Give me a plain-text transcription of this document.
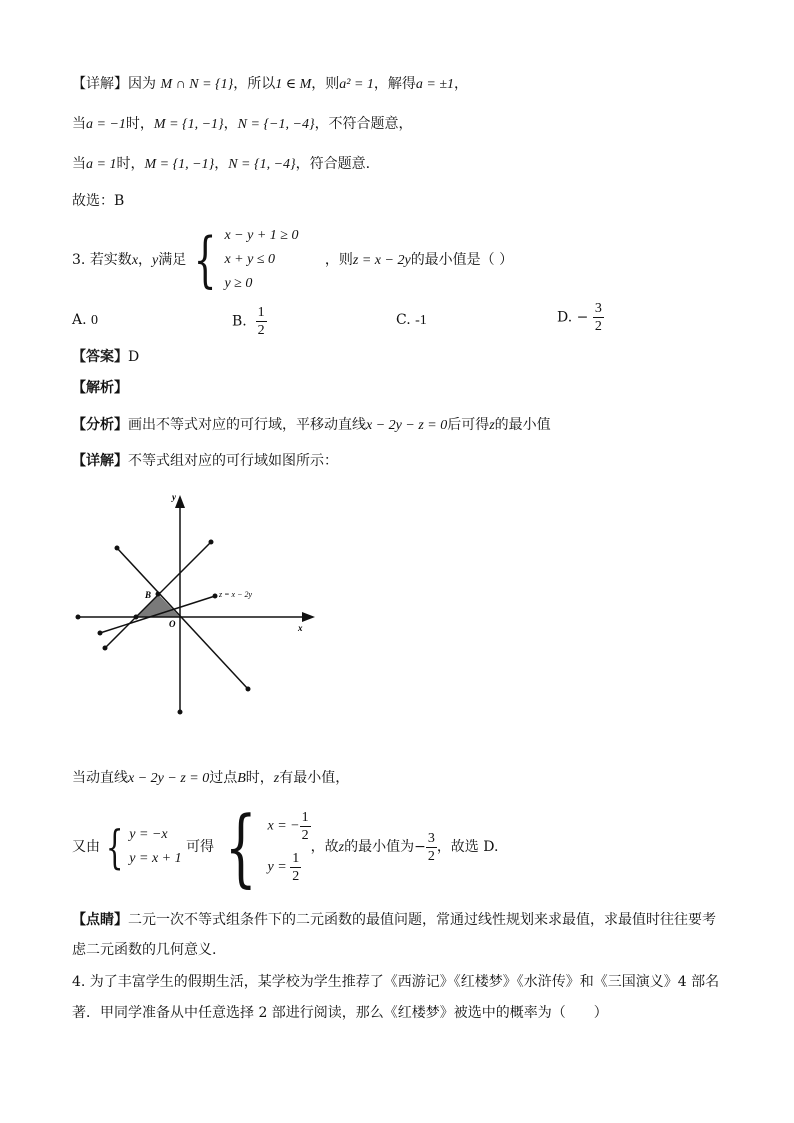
【详解】因为 M ∩ N = {1}，所以1 ∈ M，则a² = 1，解得a = ±1，
当a = −1时，M = {1, −1}，N = {−1, −4}，不符合题意，
当a = 1时，M = {1, −1}，N = {1, −4}，符合题意.
故选：B
3. 若实数x，y满足 { x − y + 1 ≥ 0
x + y ≤ 0
y ≥ 0
，则z = x − 2y的最小值是（ ）
A. 0	B. $\frac{1}{2}$	C. -1	D. − $\frac{3}{2}$
【答案】D
【解析】
【分析】画出不等式对应的可行域，平移动直线x − 2y − z = 0后可得z的最小值
【详解】不等式组对应的可行域如图所示：
y
x
O
B	z = x − 2y
当动直线x − 2y − z = 0过点B时，z有最小值，
又由 { y = −x
y = x + 1
可得 { x = − $\frac{1}{2}$
$y = \frac{1}{2}$
，故z的最小值为− $\frac{3}{2}$ ，故选 D.
【点睛】二元一次不等式组条件下的二元函数的最值问题，常通过线性规划来求最值，求最值时往往要考
虑二元函数的几何意义.
4. 为了丰富学生的假期生活，某学校为学生推荐了《西游记》《红楼梦》《水浒传》和《三国演义》4 部名
著．甲同学准备从中任意选择 2 部进行阅读，那么《红楼梦》被选中的概率为（　　）
